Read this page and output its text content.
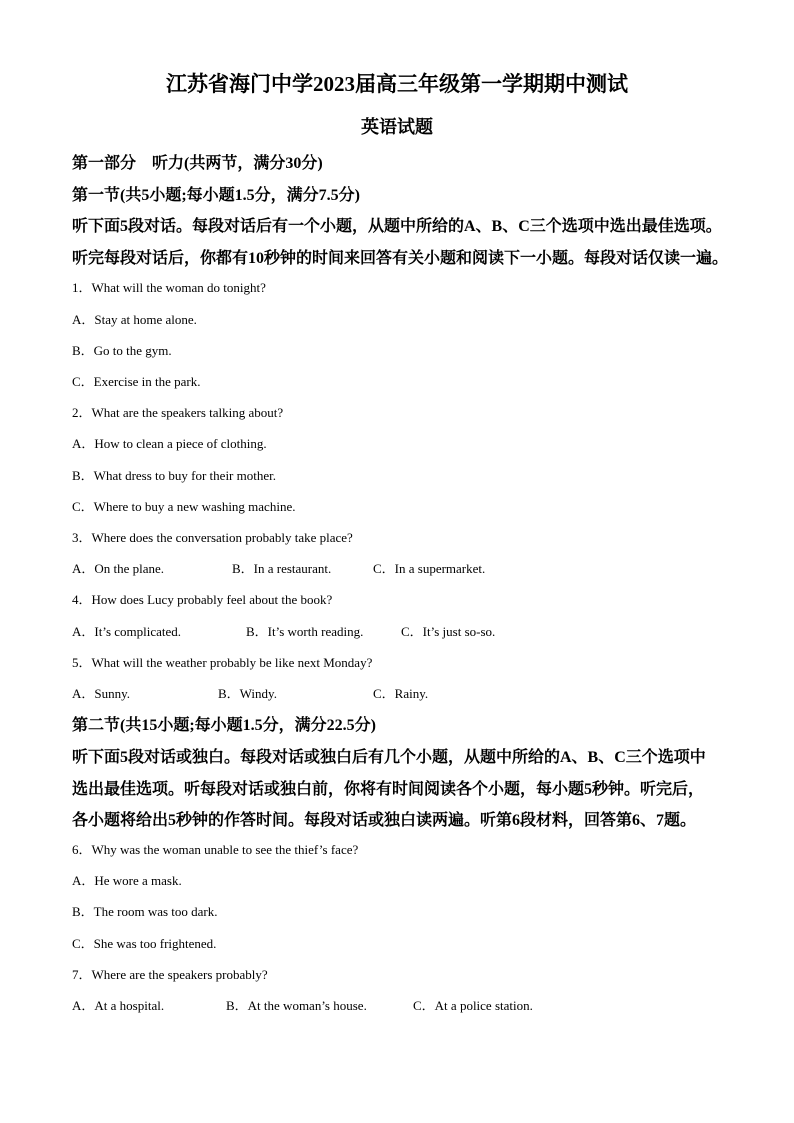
江苏省海门中学2023届高三年级第一学期期中测试
英语试题
第一部分　听力(共两节，满分30分)
第一节(共5小题;每小题1.5分，满分7.5分)
听下面5段对话。每段对话后有一个小题，从题中所给的A、B、C三个选项中选出最佳选项。
听完每段对话后，你都有10秒钟的时间来回答有关小题和阅读下一小题。每段对话仅读一遍。
1．What will the woman do tonight?
A．Stay at home alone.
B．Go to the gym.
C．Exercise in the park.
2．What are the speakers talking about?
A．How to clean a piece of clothing.
B．What dress to buy for their mother.
C．Where to buy a new washing machine.
3．Where does the conversation probably take place?
A．On the plane.	B．In a restaurant.	C．In a supermarket.
4．How does Lucy probably feel about the book?
A．It’s complicated.	B．It’s worth reading.	C．It’s just so-so.
5．What will the weather probably be like next Monday?
A．Sunny.	B．Windy.	C．Rainy.
第二节(共15小题;每小题1.5分，满分22.5分)
听下面5段对话或独白。每段对话或独白后有几个小题，从题中所给的A、B、C三个选项中
选出最佳选项。听每段对话或独白前，你将有时间阅读各个小题，每小题5秒钟。听完后，
各小题将给出5秒钟的作答时间。每段对话或独白读两遍。听第6段材料，回答第6、7题。
6．Why was the woman unable to see the thief’s face?
A．He wore a mask.
B．The room was too dark.
C．She was too frightened.
7．Where are the speakers probably?
A．At a hospital.	B．At the woman’s house.	C．At a police station.
